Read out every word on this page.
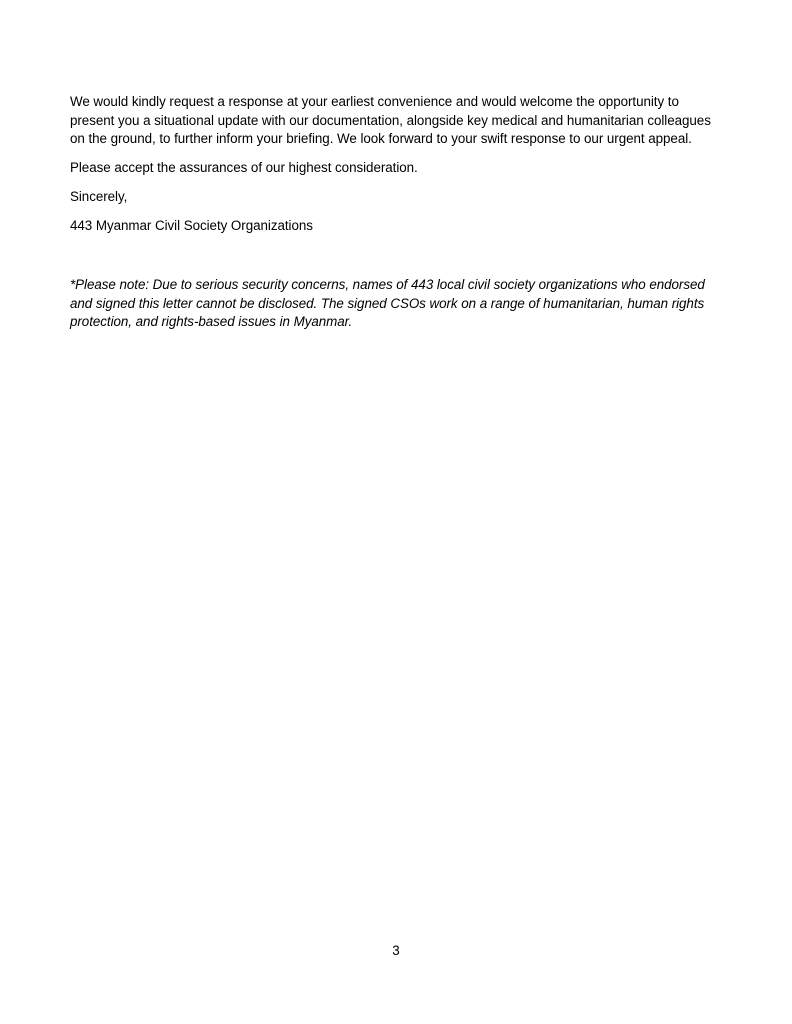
We would kindly request a response at your earliest convenience and would welcome the opportunity to present you a situational update with our documentation, alongside key medical and humanitarian colleagues on the ground, to further inform your briefing. We look forward to your swift response to our urgent appeal.

Please accept the assurances of our highest consideration.

Sincerely,

443 Myanmar Civil Society Organizations

*Please note: Due to serious security concerns, names of 443 local civil society organizations who endorsed and signed this letter cannot be disclosed. The signed CSOs work on a range of humanitarian, human rights protection, and rights-based issues in Myanmar.

3
